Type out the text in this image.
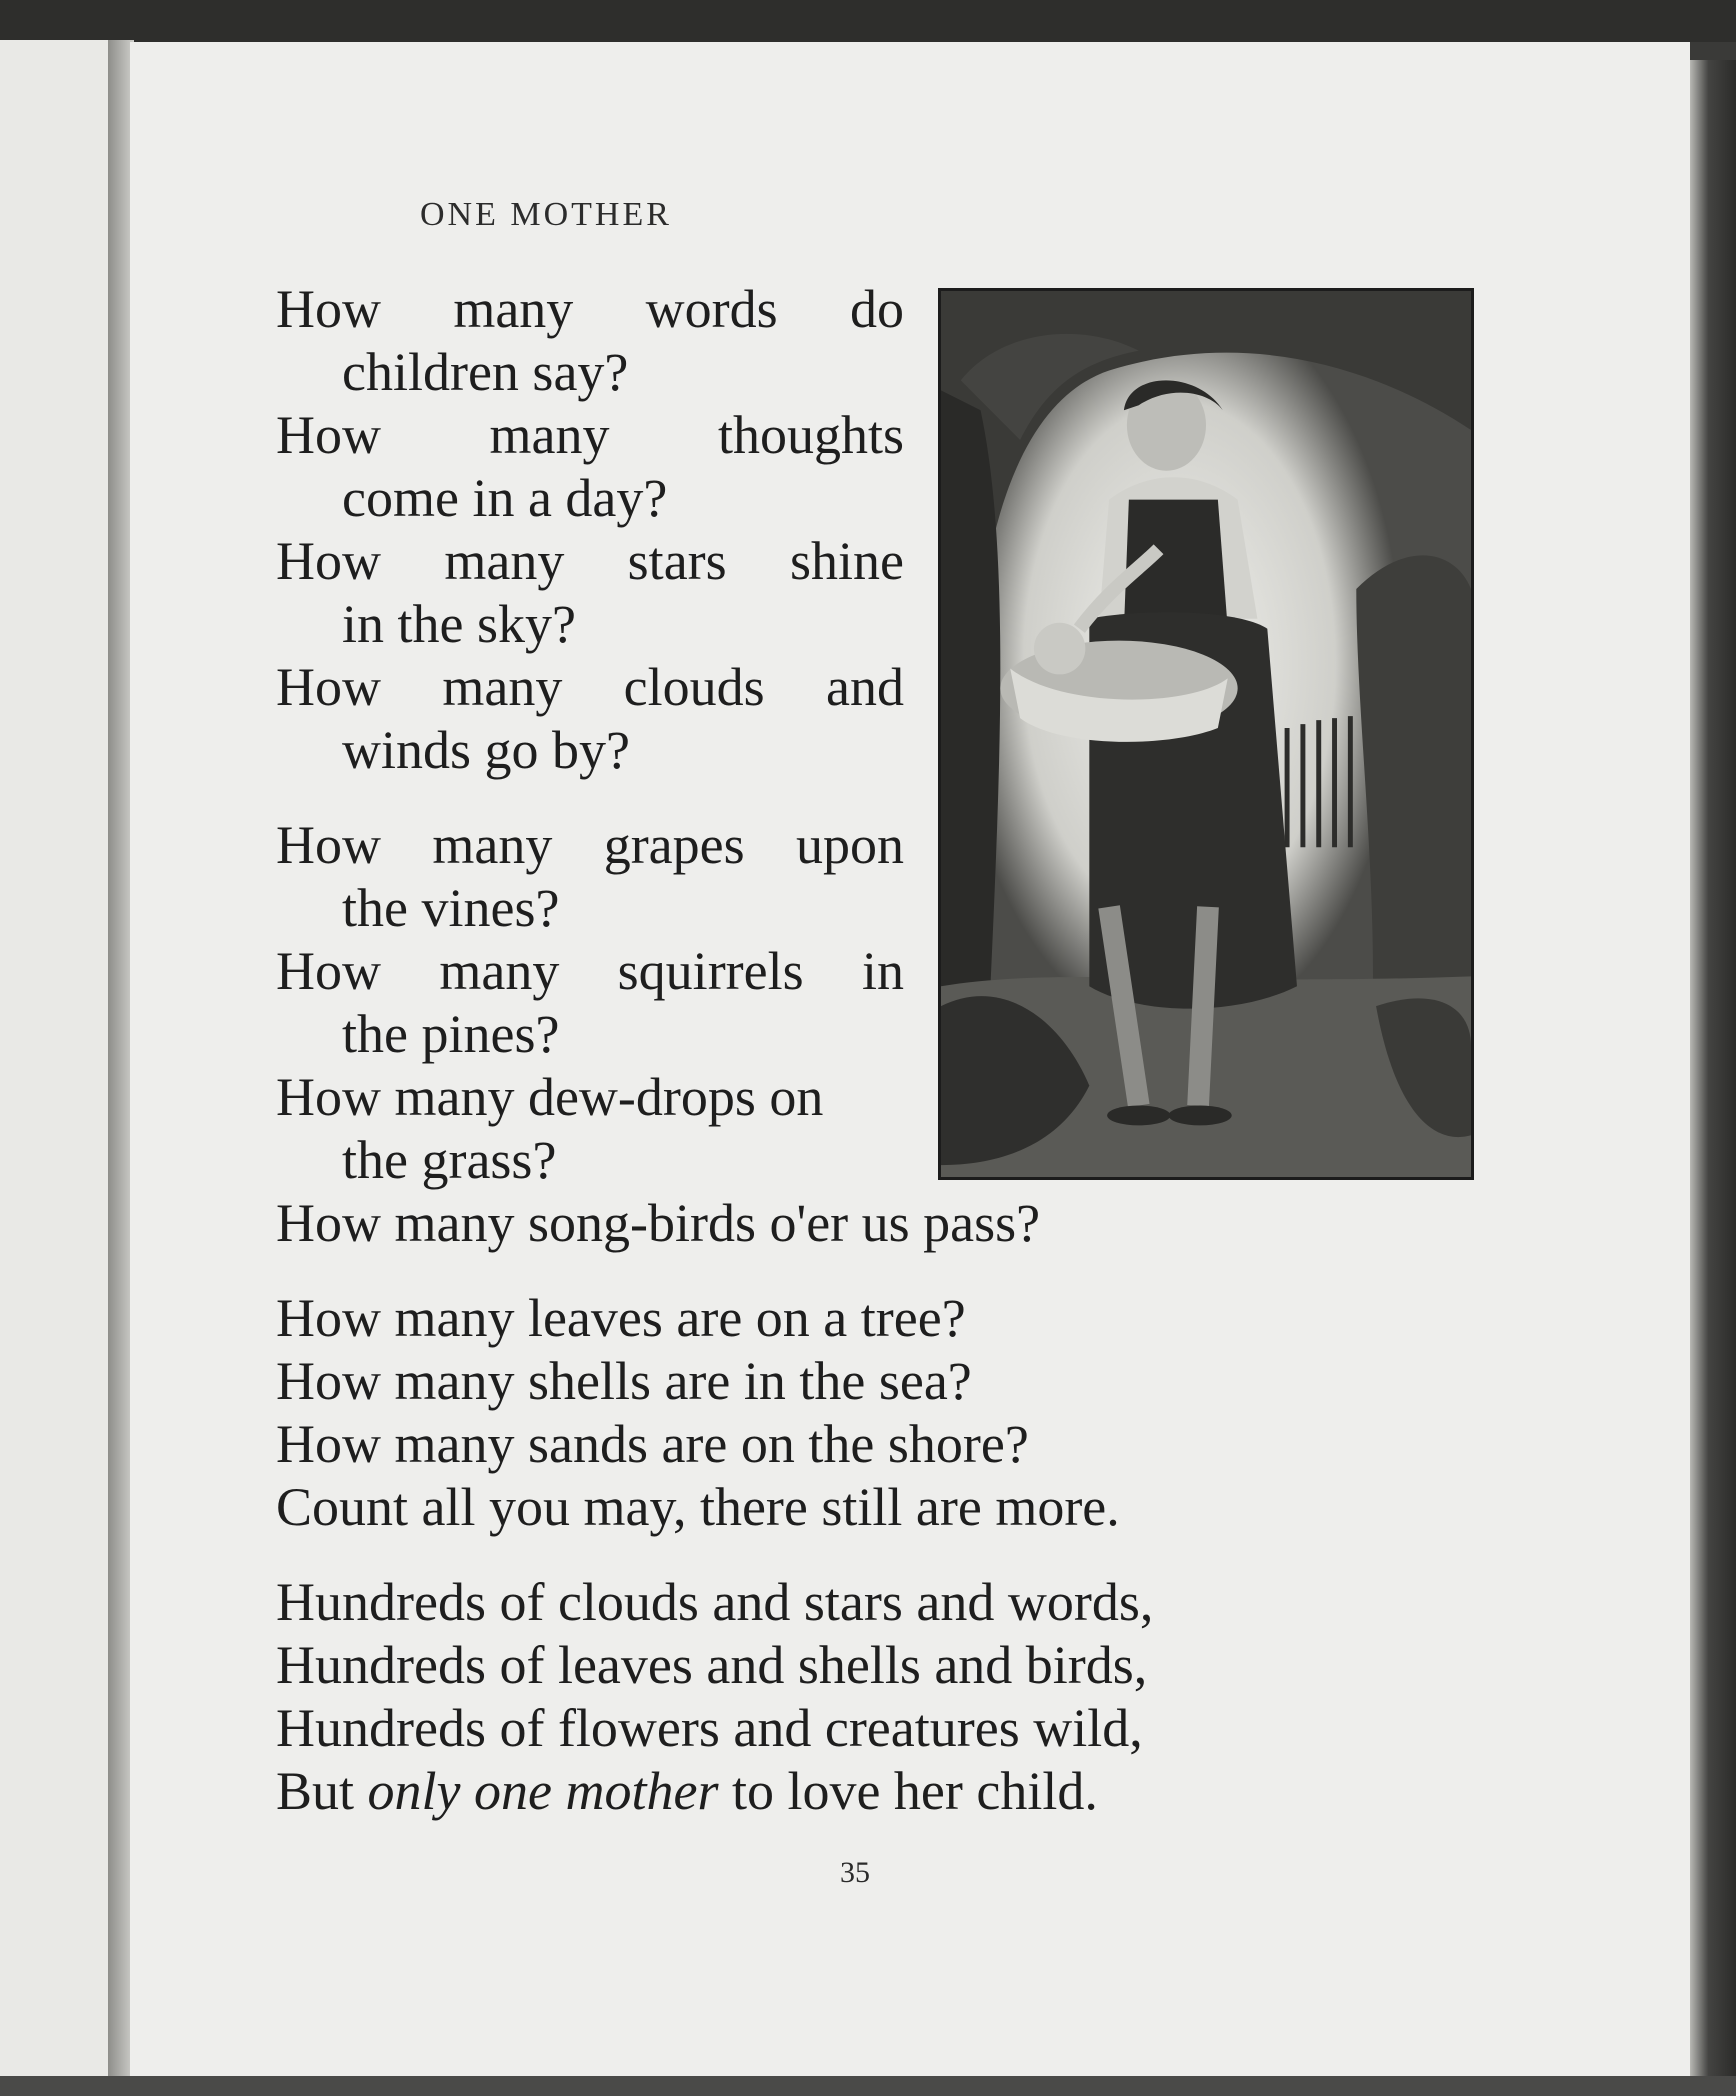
ONE MOTHER
How many words do
children say?
How many thoughts
come in a day?
How many stars shine
in the sky?
How many clouds and
winds go by?
How many grapes upon
the vines?
How many squirrels in
the pines?
How many dew-drops on
the grass?
How many song-birds o'er us pass?
How many leaves are on a tree?
How many shells are in the sea?
How many sands are on the shore?
Count all you may, there still are more.
Hundreds of clouds and stars and words,
Hundreds of leaves and shells and birds,
Hundreds of flowers and creatures wild,
But only one mother to love her child.
35
